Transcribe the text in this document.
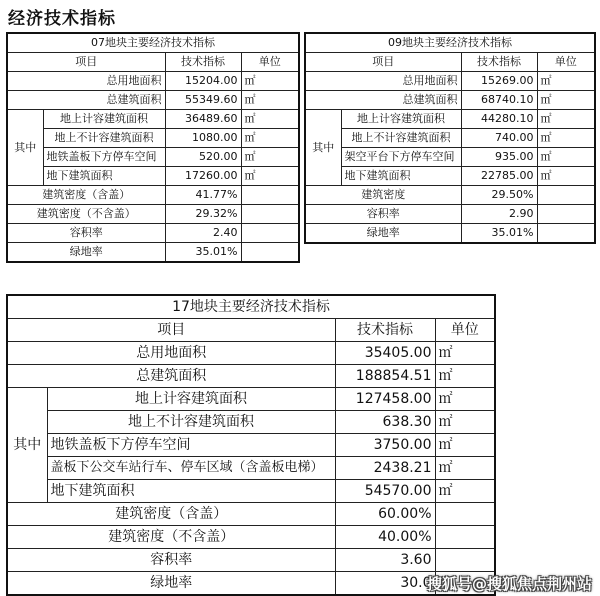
经济技术指标
07地块主要经济技术指标			
项目		技术指标	单位
总用地面积		15204.00	㎡
总建筑面积		55349.60	㎡
其中	地上计容建筑面积	36489.60	㎡
	地上不计容建筑面积	1080.00	㎡
	地铁盖板下方停车空间	520.00	㎡
	地下建筑面积	17260.00	㎡
建筑密度（含盖）		41.77%	
建筑密度（不含盖）		29.32%	
容积率		2.40	
绿地率		35.01%	
09地块主要经济技术指标			
项目		技术指标	单位
总用地面积		15269.00	㎡
总建筑面积		68740.10	㎡
其中	地上计容建筑面积	44280.10	㎡
	地上不计容建筑面积	740.00	㎡
	架空平台下方停车空间	935.00	㎡
	地下建筑面积	22785.00	㎡
建筑密度		29.50%	
容积率		2.90	
绿地率		35.01%	
17地块主要经济技术指标			
项目		技术指标	单位
总用地面积		35405.00	㎡
总建筑面积		188854.51	㎡
其中	地上计容建筑面积	127458.00	㎡
	地上不计容建筑面积	638.30	㎡
	地铁盖板下方停车空间	3750.00	㎡
	盖板下公交车站行车、停车区域（含盖板电梯）	2438.21	㎡
	地下建筑面积	54570.00	㎡
建筑密度（含盖）		60.00%	
建筑密度（不含盖）		40.00%	
容积率		3.60	
绿地率		30.0	
搜狐号@搜狐焦点荆州站
